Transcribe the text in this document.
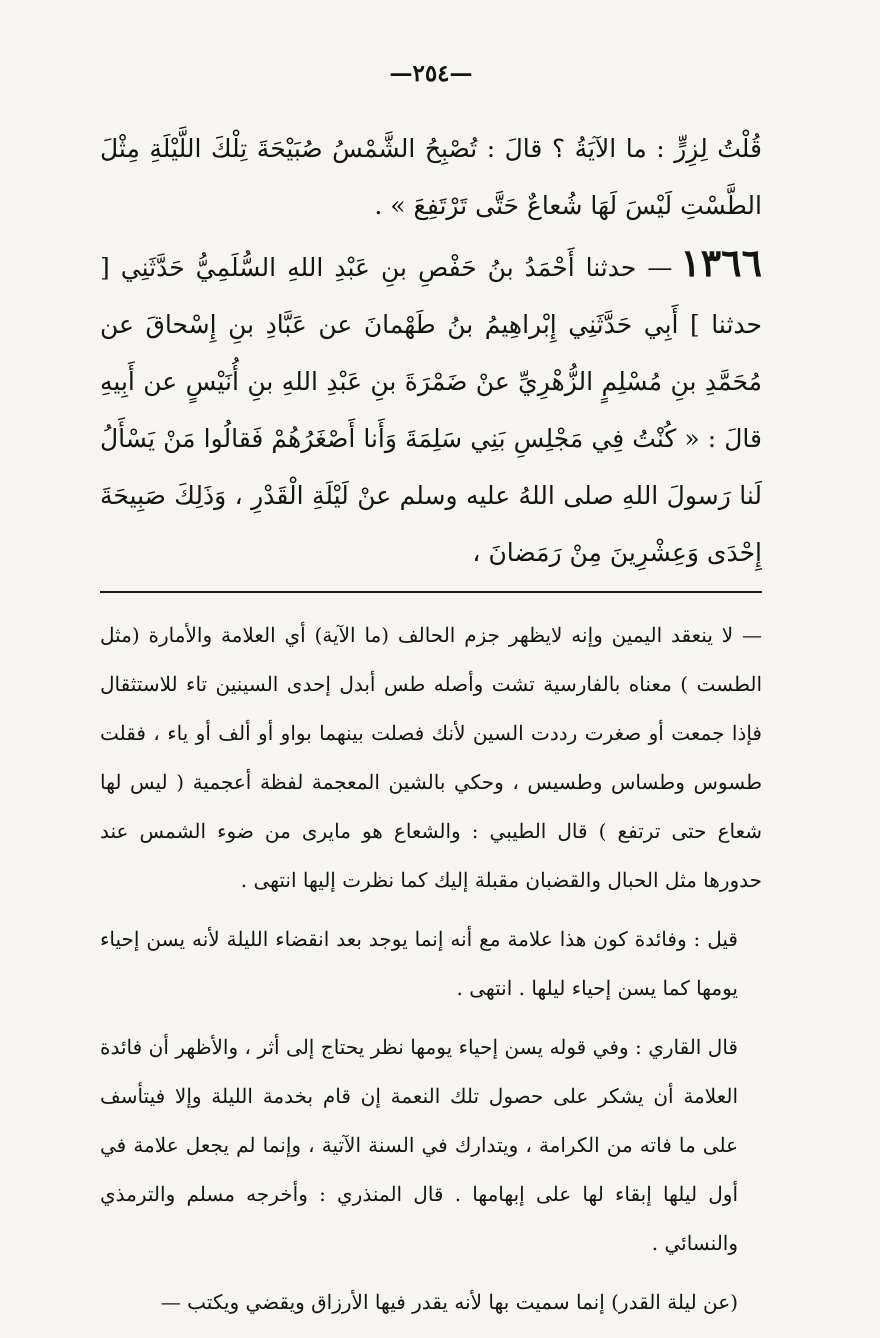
—٢٥٤—

قُلْتُ لِزِرٍّ : ما الآيَةُ ؟ قالَ : تُصْبِحُ الشَّمْسُ صُبَيْحَةَ تِلْكَ اللَّيْلَةِ مِثْلَ الطَّسْتِ لَيْسَ لَهَا شُعاعٌ حَتَّى تَرْتَفِعَ » .

١٣٦٦— حدثنا أَحْمَدُ بنُ حَفْصِ بنِ عَبْدِ اللهِ السُّلَمِيُّ حَدَّثَنِي [ حدثنا ] أَبِي حَدَّثَنِي إِبْراهِيمُ بنُ طَهْمانَ عن عَبَّادِ بنِ إِسْحاقَ عن مُحَمَّدِ بنِ مُسْلِمٍ الزُّهْرِيِّ عنْ ضَمْرَةَ بنِ عَبْدِ اللهِ بنِ أُنَيْسٍ عن أَبِيهِ قالَ : « كُنْتُ فِي مَجْلِسِ بَنِي سَلِمَةَ وَأَنا أَصْغَرُهُمْ فَقالُوا مَنْ يَسْأَلُ لَنا رَسولَ اللهِ صلى اللهُ عليه وسلم عنْ لَيْلَةِ الْقَدْرِ ، وَذَلِكَ صَبِيحَةَ إِحْدَى وَعِشْرِينَ مِنْ رَمَضانَ ،

— لا ينعقد اليمين وإنه لايظهر جزم الحالف (ما الآية) أي العلامة والأمارة (مثل الطست ) معناه بالفارسية تشت وأصله طس أبدل إحدى السينين تاء للاستثقال فإذا جمعت أو صغرت رددت السين لأنك فصلت بينهما بواو أو ألف أو ياء ، فقلت طسوس وطساس وطسيس ، وحكي بالشين المعجمة لفظة أعجمية ( ليس لها شعاع حتى ترتفع ) قال الطيبي : والشعاع هو مايرى من ضوء الشمس عند حدورها مثل الحبال والقضبان مقبلة إليك كما نظرت إليها انتهى .

قيل : وفائدة كون هذا علامة مع أنه إنما يوجد بعد انقضاء الليلة لأنه يسن إحياء يومها كما يسن إحياء ليلها . انتهى .

قال القاري : وفي قوله يسن إحياء يومها نظر يحتاج إلى أثر ، والأظهر أن فائدة العلامة أن يشكر على حصول تلك النعمة إن قام بخدمة الليلة وإلا فيتأسف على ما فاته من الكرامة ، ويتدارك في السنة الآتية ، وإنما لم يجعل علامة في أول ليلها إبقاء لها على إبهامها . قال المنذري : وأخرجه مسلم والترمذي والنسائي .

(عن ليلة القدر) إنما سميت بها لأنه يقدر فيها الأرزاق ويقضي ويكتب —
